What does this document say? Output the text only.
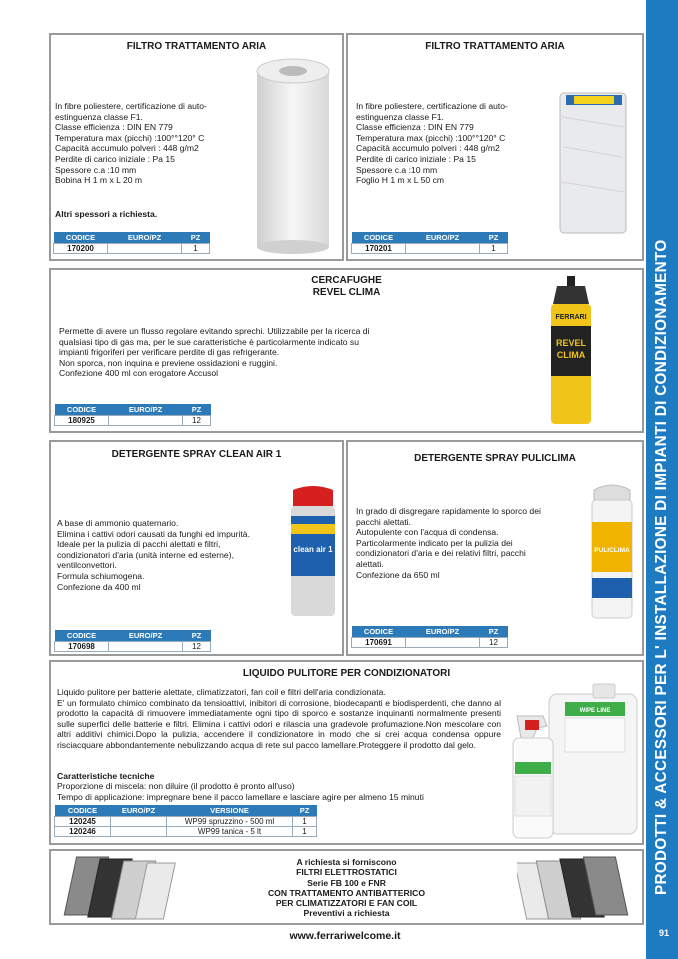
PRODOTTI & ACCESSORI PER L' INSTALLAZIONE DI IMPIANTI DI CONDIZIONAMENTO
91
FILTRO TRATTAMENTO ARIA
In fibre poliestere, certificazione di auto-
estinguenza classe F1.
Classe efficienza : DIN EN 779
Temperatura max (picchi) :100°°120° C
Capacità accumulo polveri : 448 g/m2
Perdite di carico iniziale : Pa 15
Spessore c.a :10 mm
Bobina H 1 m x L 20 m
Altri spessori a richiesta.
CODICE	EURO/PZ	PZ
170200		1
FILTRO TRATTAMENTO ARIA
In fibre poliestere, certificazione di auto-
estinguenza classe F1.
Classe efficienza : DIN EN 779
Temperatura max (picchi) :100°°120° C
Capacità accumulo polveri : 448 g/m2
Perdite di carico iniziale : Pa 15
Spessore c.a :10 mm
Foglio H 1 m x L 50 cm
CODICE	EURO/PZ	PZ
170201		1
CERCAFUGHE
REVEL CLIMA
Permette di avere un flusso regolare evitando sprechi. Utilizzabile per la ricerca di
qualsiasi tipo di gas ma, per le sue caratteristiche è particolarmente indicato su
impianti frigoriferi per verificare perdite di gas refrigerante.
Non sporca, non inquina e previene ossidazioni e ruggini.
Confezione 400 ml con erogatore Accusol
FERRARI
REVEL
CLIMA
CODICE	EURO/PZ	PZ
180925		12
DETERGENTE SPRAY CLEAN AIR 1
A base di ammonio quaternario.
Elimina i cattivi odori causati da funghi ed impurità.
Ideale per la pulizia di pacchi alettati e filtri,
condizionatori d'aria (unità interne ed esterne),
ventilconvettori.
Formula schiumogena.
Confezione da 400 ml
clean air 1
CODICE	EURO/PZ	PZ
170698		12
DETERGENTE SPRAY PULICLIMA
In grado di disgregare rapidamente lo sporco dei
pacchi alettati.
Autopulente con l'acqua di condensa.
Particolarmente indicato per la pulizia dei
condizionatori d'aria e dei relativi filtri, pacchi
alettati.
Confezione da 650 ml
PULICLIMA
CODICE	EURO/PZ	PZ
170691		12
LIQUIDO PULITORE PER CONDIZIONATORI
Liquido pulitore per batterie alettate, climatizzatori, fan coil e filtri dell'aria condizionata.
E' un formulato chimico combinato da tensioattivi, inibitori di corrosione, biodecapanti e biodisperdenti, che danno al prodotto la capacità di rimuovere immediatamente ogni tipo di sporco e sostanze inquinanti normalmente presenti sulle superfici delle batterie e filtri. Elimina i cattivi odori e rilascia una gradevole profumazione.Non mescolare con altri additivi chimici.Dopo la pulizia, accendere il condizionatore in modo che si crei acqua condensa oppure risciacquare abbondantemente nebulizzando acqua di rete sul pacco lamellare.Proteggere il prodotto dal gelo.
Caratteristiche tecniche
Proporzione di miscela: non diluire (il prodotto è pronto all'uso)
Tempo di applicazione: impregnare bene il pacco lamellare e lasciare agire per almeno 15 minuti
WIPE LINE
CODICE	EURO/PZ	VERSIONE	PZ
120245		WP99 spruzzino - 500 ml	1
120246		WP99 tanica - 5 lt	1
A richiesta si forniscono
FILTRI ELETTROSTATICI
Serie FB 100 e FNR
CON TRATTAMENTO ANTIBATTERICO
PER CLIMATIZZATORI E FAN COIL
Preventivi a richiesta
www.ferrariwelcome.it
